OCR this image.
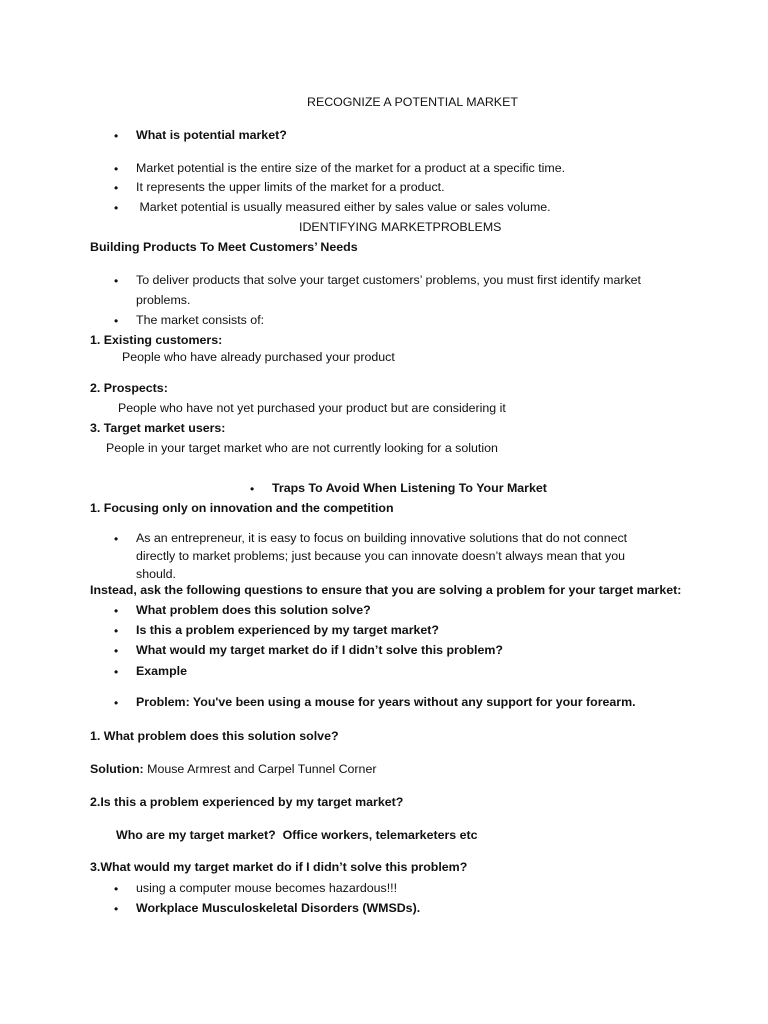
RECOGNIZE A POTENTIAL MARKET
• What is potential market?
• Market potential is the entire size of the market for a product at a specific time.
• It represents the upper limits of the market for a product.
• Market potential is usually measured either by sales value or sales volume.
IDENTIFYING MARKETPROBLEMS
Building Products To Meet Customers’ Needs
• To deliver products that solve your target customers’ problems, you must first identify market
problems.
• The market consists of:
1. Existing customers:
People who have already purchased your product
2. Prospects:
People who have not yet purchased your product but are considering it
3. Target market users:
People in your target market who are not currently looking for a solution
• Traps To Avoid When Listening To Your Market
1. Focusing only on innovation and the competition
• As an entrepreneur, it is easy to focus on building innovative solutions that do not connect
directly to market problems; just because you can innovate doesn’t always mean that you
should.
Instead, ask the following questions to ensure that you are solving a problem for your target market:
• What problem does this solution solve?
• Is this a problem experienced by my target market?
• What would my target market do if I didn’t solve this problem?
• Example
• Problem: You've been using a mouse for years without any support for your forearm.
1. What problem does this solution solve?
Solution: Mouse Armrest and Carpel Tunnel Corner
2.Is this a problem experienced by my target market?
Who are my target market?  Office workers, telemarketers etc
3.What would my target market do if I didn’t solve this problem?
• using a computer mouse becomes hazardous!!!
• Workplace Musculoskeletal Disorders (WMSDs).
